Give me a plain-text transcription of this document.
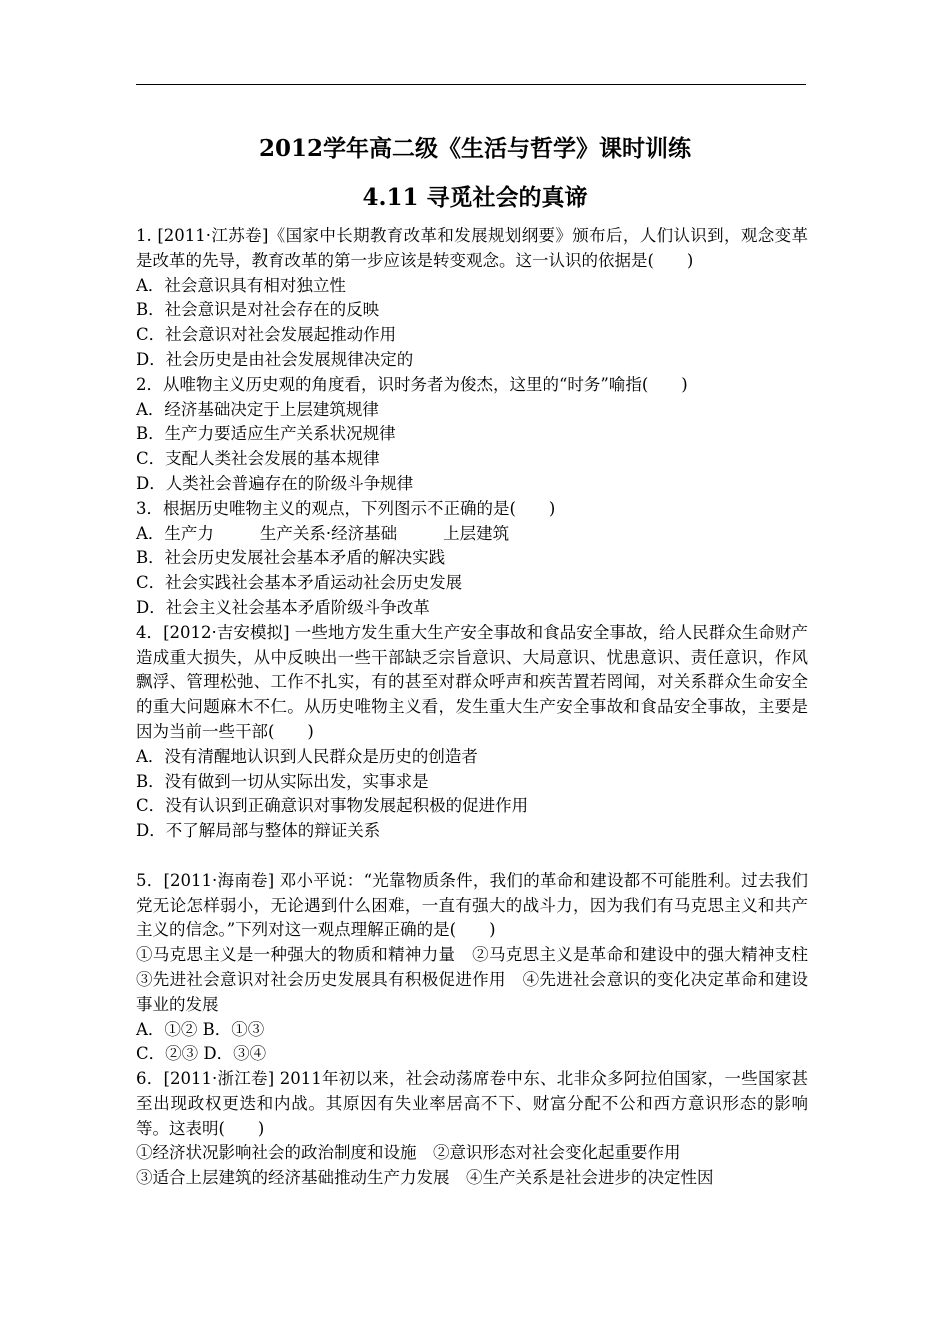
2012学年高二级《生活与哲学》课时训练
4.11 寻觅社会的真谛
1. [2011·江苏卷]《国家中长期教育改革和发展规划纲要》颁布后，人们认识到，观念变革是改革的先导，教育改革的第一步应该是转变观念。这一认识的依据是(　　)
A．社会意识具有相对独立性
B．社会意识是对社会存在的反映
C．社会意识对社会发展起推动作用
D．社会历史是由社会发展规律决定的
2．从唯物主义历史观的角度看，识时务者为俊杰，这里的“时务”喻指(　　)
A．经济基础决定于上层建筑规律
B．生产力要适应生产关系状况规律
C．支配人类社会发展的基本规律
D．人类社会普遍存在的阶级斗争规律
3．根据历史唯物主义的观点，下列图示不正确的是(　　)
A．生产力	生产关系·经济基础	上层建筑
B．社会历史发展社会基本矛盾的解决实践
C．社会实践社会基本矛盾运动社会历史发展
D．社会主义社会基本矛盾阶级斗争改革
4．[2012·吉安模拟] 一些地方发生重大生产安全事故和食品安全事故，给人民群众生命财产造成重大损失，从中反映出一些干部缺乏宗旨意识、大局意识、忧患意识、责任意识，作风飘浮、管理松弛、工作不扎实，有的甚至对群众呼声和疾苦置若罔闻，对关系群众生命安全的重大问题麻木不仁。从历史唯物主义看，发生重大生产安全事故和食品安全事故，主要是因为当前一些干部(　　)
A．没有清醒地认识到人民群众是历史的创造者
B．没有做到一切从实际出发，实事求是
C．没有认识到正确意识对事物发展起积极的促进作用
D．不了解局部与整体的辩证关系
5．[2011·海南卷] 邓小平说：“光靠物质条件，我们的革命和建设都不可能胜利。过去我们党无论怎样弱小，无论遇到什么困难，一直有强大的战斗力，因为我们有马克思主义和共产主义的信念。”下列对这一观点理解正确的是(　　)
①马克思主义是一种强大的物质和精神力量　②马克思主义是革命和建设中的强大精神支柱　③先进社会意识对社会历史发展具有积极促进作用　④先进社会意识的变化决定革命和建设事业的发展
A．①② B．①③
C．②③ D．③④
6．[2011·浙江卷] 2011年初以来，社会动荡席卷中东、北非众多阿拉伯国家，一些国家甚至出现政权更迭和内战。其原因有失业率居高不下、财富分配不公和西方意识形态的影响等。这表明(　　)
①经济状况影响社会的政治制度和设施　②意识形态对社会变化起重要作用
③适合上层建筑的经济基础推动生产力发展　④生产关系是社会进步的决定性因
